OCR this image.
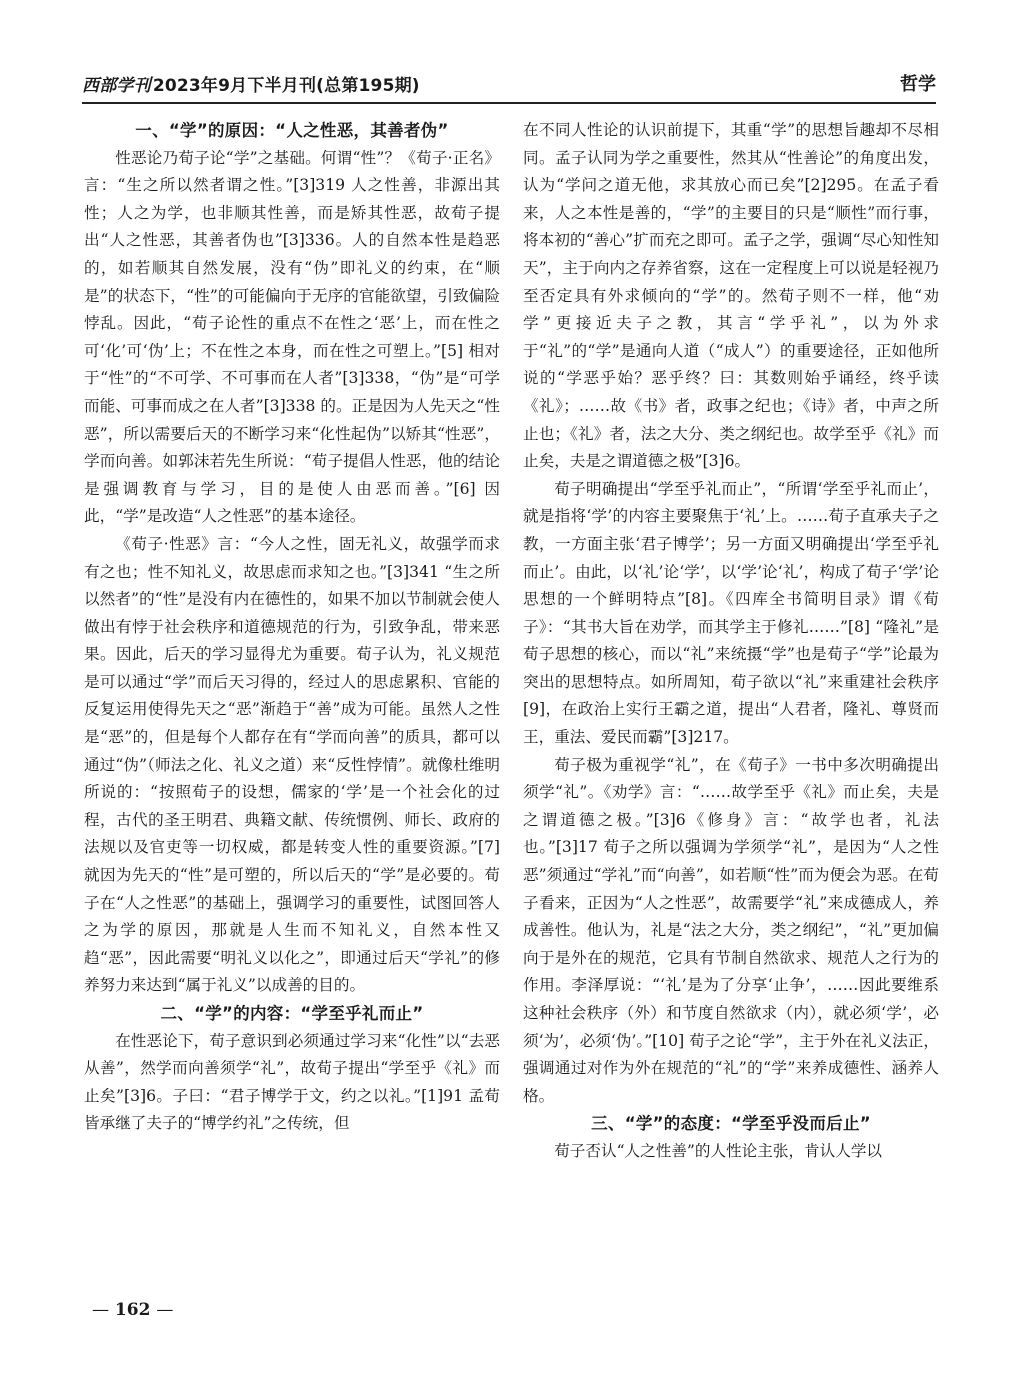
西部学刊 2023年9月下半月刊(总第195期)	哲学
一、“学”的原因：“人之性恶，其善者伪”

性恶论乃荀子论“学”之基础。何谓“性”？《荀子·正名》言：“生之所以然者谓之性。”[3]319 人之性善，非源出其性；人之为学，也非顺其性善，而是矫其性恶，故荀子提出“人之性恶，其善者伪也”[3]336。人的自然本性是趋恶的，如若顺其自然发展，没有“伪”即礼义的约束，在“顺是”的状态下，“性”的可能偏向于无序的官能欲望，引致偏险悖乱。因此，“荀子论性的重点不在性之‘恶’上，而在性之可‘化’可‘伪’上；不在性之本身，而在性之可塑上。”[5] 相对于“性”的“不可学、不可事而在人者”[3]338，“伪”是“可学而能、可事而成之在人者”[3]338 的。正是因为人先天之“性恶”，所以需要后天的不断学习来“化性起伪”以矫其“性恶”，学而向善。如郭沫若先生所说：“荀子提倡人性恶，他的结论是强调教育与学习，目的是使人由恶而善。”[6] 因此，“学”是改造“人之性恶”的基本途径。

《荀子·性恶》言：“今人之性，固无礼义，故强学而求有之也；性不知礼义，故思虑而求知之也。”[3]341 “生之所以然者”的“性”是没有内在德性的，如果不加以节制就会使人做出有悖于社会秩序和道德规范的行为，引致争乱，带来恶果。因此，后天的学习显得尤为重要。荀子认为，礼义规范是可以通过“学”而后天习得的，经过人的思虑累积、官能的反复运用使得先天之“恶”渐趋于“善”成为可能。虽然人之性是“恶”的，但是每个人都存在有“学而向善”的质具，都可以通过“伪”（师法之化、礼义之道）来“反性悖情”。就像杜维明所说的：“按照荀子的设想，儒家的‘学’是一个社会化的过程，古代的圣王明君、典籍文献、传统惯例、师长、政府的法规以及官吏等一切权威，都是转变人性的重要资源。”[7] 就因为先天的“性”是可塑的，所以后天的“学”是必要的。荀子在“人之性恶”的基础上，强调学习的重要性，试图回答人之为学的原因，那就是人生而不知礼义，自然本性又趋“恶”，因此需要“明礼义以化之”，即通过后天“学礼”的修养努力来达到“属于礼义”以成善的目的。

二、“学”的内容：“学至乎礼而止”

在性恶论下，荀子意识到必须通过学习来“化性”以“去恶从善”，然学而向善须学“礼”，故荀子提出“学至乎《礼》而止矣”[3]6。子曰：“君子博学于文，约之以礼。”[1]91 孟荀皆承继了夫子的“博学约礼”之传统，但

在不同人性论的认识前提下，其重“学”的思想旨趣却不尽相同。孟子认同为学之重要性，然其从“性善论”的角度出发，认为“学问之道无他，求其放心而已矣”[2]295。在孟子看来，人之本性是善的，“学”的主要目的只是“顺性”而行事，将本初的“善心”扩而充之即可。孟子之学，强调“尽心知性知天”，主于向内之存养省察，这在一定程度上可以说是轻视乃至否定具有外求倾向的“学”的。然荀子则不一样，他“劝学”更接近夫子之教，其言“学乎礼”，以为外求于“礼”的“学”是通向人道（“成人”）的重要途径，正如他所说的“学恶乎始？恶乎终？曰：其数则始乎诵经，终乎读《礼》；……故《书》者，政事之纪也；《诗》者，中声之所止也；《礼》者，法之大分、类之纲纪也。故学至乎《礼》而止矣，夫是之谓道德之极”[3]6。

荀子明确提出“学至乎礼而止”，“所谓‘学至乎礼而止’，就是指将‘学’的内容主要聚焦于‘礼’上。……荀子直承夫子之教，一方面主张‘君子博学’；另一方面又明确提出‘学至乎礼而止’。由此，以‘礼’论‘学’，以‘学’论‘礼’，构成了荀子‘学’论思想的一个鲜明特点”[8]。《四库全书简明目录》谓《荀子》：“其书大旨在劝学，而其学主于修礼……”[8] “隆礼”是荀子思想的核心，而以“礼”来统摄“学”也是荀子“学”论最为突出的思想特点。如所周知，荀子欲以“礼”来重建社会秩序[9]，在政治上实行王霸之道，提出“人君者，隆礼、尊贤而王，重法、爱民而霸”[3]217。

荀子极为重视学“礼”，在《荀子》一书中多次明确提出须学“礼”。《劝学》言：“……故学至乎《礼》而止矣，夫是之谓道德之极。”[3]6《修身》言：“故学也者，礼法也。”[3]17 荀子之所以强调为学须学“礼”，是因为“人之性恶”须通过“学礼”而“向善”，如若顺“性”而为便会为恶。在荀子看来，正因为“人之性恶”，故需要学“礼”来成德成人，养成善性。他认为，礼是“法之大分，类之纲纪”，“礼”更加偏向于是外在的规范，它具有节制自然欲求、规范人之行为的作用。李泽厚说：“‘礼’是为了分享‘止争’，……因此要维系这种社会秩序（外）和节度自然欲求（内），就必须‘学’，必须‘为’，必须‘伪’。”[10] 荀子之论“学”，主于外在礼义法正，强调通过对作为外在规范的“礼”的“学”来养成德性、涵养人格。

三、“学”的态度：“学至乎没而后止”

荀子否认“人之性善”的人性论主张，肯认人学以

— 162 —
